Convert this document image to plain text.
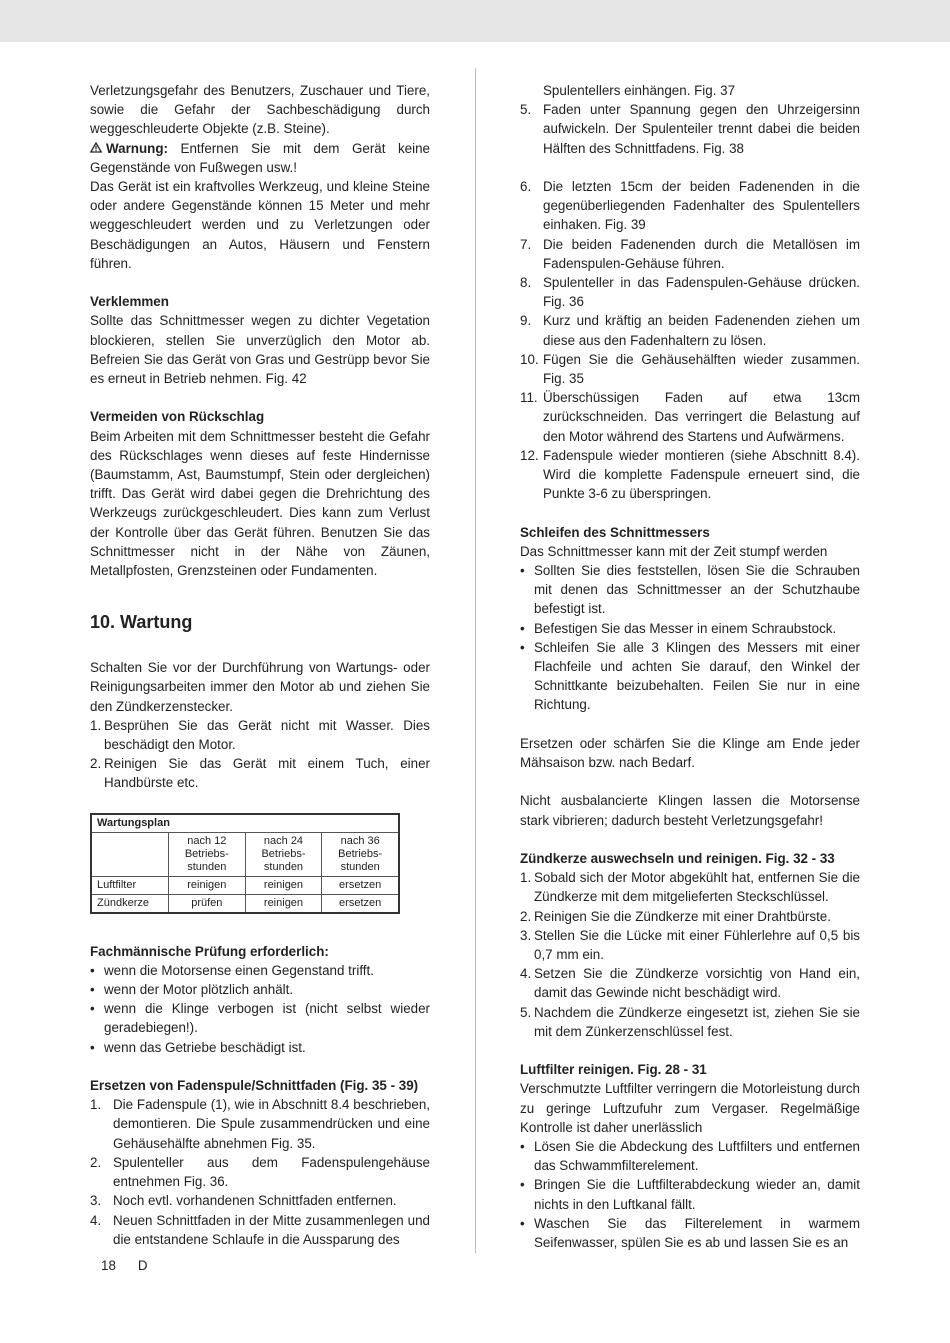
Verletzungsgefahr des Benutzers, Zuschauer und Tiere, sowie die Gefahr der Sachbeschädigung durch weggeschleuderte Objekte (z.B. Steine).

Warnung: Entfernen Sie mit dem Gerät keine Gegenstände von Fußwegen usw.!

Das Gerät ist ein kraftvolles Werkzeug, und kleine Steine oder andere Gegenstände können 15 Meter und mehr weggeschleudert werden und zu Verletzungen oder Beschädigungen an Autos, Häusern und Fenstern führen.

Verklemmen

Sollte das Schnittmesser wegen zu dichter Vegetation blockieren, stellen Sie unverzüglich den Motor ab. Befreien Sie das Gerät von Gras und Gestrüpp bevor Sie es erneut in Betrieb nehmen. Fig. 42

Vermeiden von Rückschlag

Beim Arbeiten mit dem Schnittmesser besteht die Gefahr des Rückschlages wenn dieses auf feste Hindernisse (Baumstamm, Ast, Baumstumpf, Stein oder dergleichen) trifft. Das Gerät wird dabei gegen die Drehrichtung des Werkzeugs zurückgeschleudert. Dies kann zum Verlust der Kontrolle über das Gerät führen. Benutzen Sie das Schnittmesser nicht in der Nähe von Zäunen, Metallpfosten, Grenzsteinen oder Fundamenten.

10. Wartung

Schalten Sie vor der Durchführung von Wartungs- oder Reinigungsarbeiten immer den Motor ab und ziehen Sie den Zündkerzenstecker.

1. Besprühen Sie das Gerät nicht mit Wasser. Dies beschädigt den Motor.
2. Reinigen Sie das Gerät mit einem Tuch, einer Handbürste etc.
Wartungsplan			
	nach 12 Betriebs-stunden	nach 24 Betriebs-stunden	nach 36 Betriebs-stunden
Luftfilter	reinigen	reinigen	ersetzen
Zündkerze	prüfen	reinigen	ersetzen

Fachmännische Prüfung erforderlich:

• wenn die Motorsense einen Gegenstand trifft.
• wenn der Motor plötzlich anhält.
• wenn die Klinge verbogen ist (nicht selbst wieder geradebiegen!).
• wenn das Getriebe beschädigt ist.

Ersetzen von Fadenspule/Schnittfaden (Fig. 35 - 39)

1. Die Fadenspule (1), wie in Abschnitt 8.4 beschrieben, demontieren. Die Spule zusammendrücken und eine Gehäusehälfte abnehmen Fig. 35.
2. Spulenteller aus dem Fadenspulengehäuse entnehmen Fig. 36.
3. Noch evtl. vorhandenen Schnittfaden entfernen.
4. Neuen Schnittfaden in der Mitte zusammenlegen und die entstandene Schlaufe in die Aussparung des

Spulentellers einhängen. Fig. 37

5. Faden unter Spannung gegen den Uhrzeigersinn aufwickeln. Der Spulenteiler trennt dabei die beiden Hälften des Schnittfadens. Fig. 38
6. Die letzten 15cm der beiden Fadenenden in die gegenüberliegenden Fadenhalter des Spulentellers einhaken. Fig. 39
7. Die beiden Fadenenden durch die Metallösen im Fadenspulen-Gehäuse führen.
8. Spulenteller in das Fadenspulen-Gehäuse drücken. Fig. 36
9. Kurz und kräftig an beiden Fadenenden ziehen um diese aus den Fadenhaltern zu lösen.
10. Fügen Sie die Gehäusehälften wieder zusammen. Fig. 35
11. Überschüssigen Faden auf etwa 13cm zurückschneiden. Das verringert die Belastung auf den Motor während des Startens und Aufwärmens.
12. Fadenspule wieder montieren (siehe Abschnitt 8.4). Wird die komplette Fadenspule erneuert sind, die Punkte 3-6 zu überspringen.

Schleifen des Schnittmessers

Das Schnittmesser kann mit der Zeit stumpf werden

• Sollten Sie dies feststellen, lösen Sie die Schrauben mit denen das Schnittmesser an der Schutzhaube befestigt ist.
• Befestigen Sie das Messer in einem Schraubstock.
• Schleifen Sie alle 3 Klingen des Messers mit einer Flachfeile und achten Sie darauf, den Winkel der Schnittkante beizubehalten. Feilen Sie nur in eine Richtung.

Ersetzen oder schärfen Sie die Klinge am Ende jeder Mähsaison bzw. nach Bedarf.

Nicht ausbalancierte Klingen lassen die Motorsense stark vibrieren; dadurch besteht Verletzungsgefahr!

Zündkerze auswechseln und reinigen. Fig. 32 - 33

1. Sobald sich der Motor abgekühlt hat, entfernen Sie die Zündkerze mit dem mitgelieferten Steckschlüssel.
2. Reinigen Sie die Zündkerze mit einer Drahtbürste.
3. Stellen Sie die Lücke mit einer Fühlerlehre auf 0,5 bis 0,7 mm ein.
4. Setzen Sie die Zündkerze vorsichtig von Hand ein, damit das Gewinde nicht beschädigt wird.
5. Nachdem die Zündkerze eingesetzt ist, ziehen Sie sie mit dem Zünkerzenschlüssel fest.

Luftfilter reinigen. Fig. 28 - 31

Verschmutzte Luftfilter verringern die Motorleistung durch zu geringe Luftzufuhr zum Vergaser. Regelmäßige Kontrolle ist daher unerlässlich

• Lösen Sie die Abdeckung des Luftfilters und entfernen das Schwammfilterelement.
• Bringen Sie die Luftfilterabdeckung wieder an, damit nichts in den Luftkanal fällt.
• Waschen Sie das Filterelement in warmem Seifenwasser, spülen Sie es ab und lassen Sie es an
18 D
